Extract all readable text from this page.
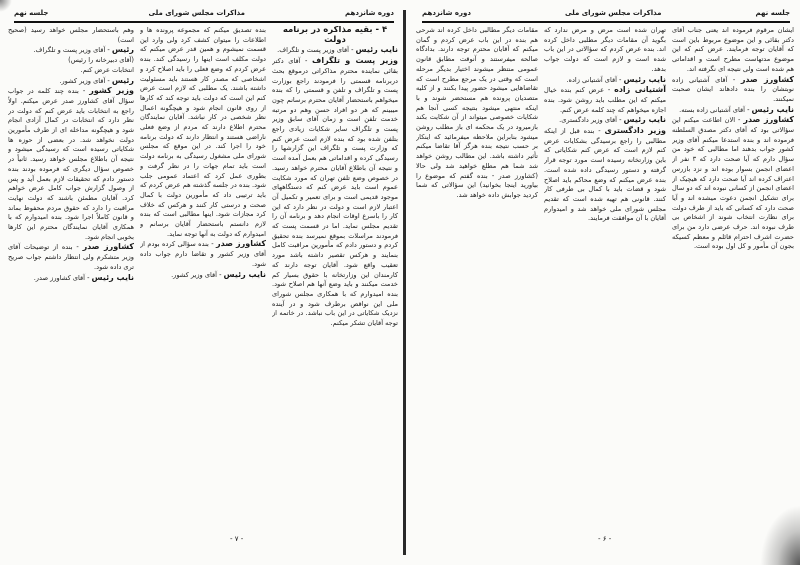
دوره شانزدهم
مذاکرات مجلس شورای ملی
جلسه نهم
۴ - بقیه مذاکره در برنامه دولت

نایب رئیس - آقای وزیر پست و تلگراف.

وزیر پست و تلگراف - آقای دکتر بقائی نماینده محترم مذاکراتی درموقع بحث دربرنامه قسمتی را فرمودند راجع بوزارت پست و تلگراف و تلفن و قسمتی را که بنده میخواهم باستحضار آقایان محترم برسانم چون میبینم که هر دو افراد حسن وهم دو مرتبه خدمت تلفن است و زمان آقای سابق وزیر پست و تلگراف سایر شکایات زیادی راجع بتلفن شده بود که بنده لازم است عرض کنم که وزارت پست و تلگراف این گزارشها را رسیدگی کرده و اقداماتی هم بعمل آمده است و نتیجه آن باطلاع آقایان محترم خواهد رسید. در خصوص وضع تلفن تهران که مورد شکایت عموم است باید عرض کنم که دستگاههای موجود قدیمی است و برای تعمیر و تکمیل آن اعتبار لازم است و دولت در نظر دارد که این کار را باسرع اوقات انجام دهد و برنامه آن را تقدیم مجلس نماید. اما در قسمت پست که فرمودند مراسلات بموقع نمیرسد بنده تحقیق کردم و دستور دادم که مأمورین مراقبت کامل بنمایند و هرکس تقصیر داشته باشد مورد تعقیب واقع شود. آقایان توجه دارند که کارمندان این وزارتخانه با حقوق بسیار کم خدمت میکنند و باید وضع آنها هم اصلاح شود. بنده امیدوارم که با همکاری مجلس شورای ملی این نواقص برطرف شود و در آینده نزدیک شکایاتی در این باب نباشد. در خاتمه از توجه آقایان تشکر میکنم.

بنده تصدیق میکنم که مجموعه پرونده ها و اطلاعات را میتوان کشف کرد ولی وارد این قسمت نمیشوم و همین قدر عرض میکنم که دولت مکلف است اینها را رسیدگی کند. بنده عرض کردم که وضع فعلی را باید اصلاح کرد و اشخاصی که مصدر کار هستند باید مسئولیت داشته باشند. یک مطلبی که لازم است عرض کنم این است که دولت باید توجه کند که کارها از روی قانون انجام شود و هیچگونه اعمال نظر شخصی در کار نباشد. آقایان نمایندگان محترم اطلاع دارند که مردم از وضع فعلی ناراضی هستند و انتظار دارند که دولت برنامه خود را اجرا کند. در این موقع که مجلس شورای ملی مشغول رسیدگی به برنامه دولت است باید تمام جهات را در نظر گرفت و بطوری عمل کرد که اعتماد عمومی جلب شود. بنده در جلسه گذشته هم عرض کردم که باید ترتیبی داد که مأمورین دولت با کمال صحت و درستی کار کنند و هرکس که خلاف کرد مجازات شود. اینها مطالبی است که بنده لازم دانستم باستحضار آقایان برسانم و امیدوارم که دولت به آنها توجه نماید.

کشاورز صدر - بنده سؤالی کرده بودم از آقای وزیر کشور و تقاضا دارم جواب داده شود.

نایب رئیس - آقای وزیر کشور.

وهم باستحضار مجلس خواهد رسید (صحیح است)

رئیس - آقای وزیر پست و تلگراف.

(آقای دبیرخانه را رئیس)

انتخابات عرض کنم.

رئیس - آقای وزیر کشور.

وزیر کشور - بنده چند کلمه در جواب سؤال آقای کشاورز صدر عرض میکنم. اولاً راجع به انتخابات باید عرض کنم که دولت در نظر دارد که انتخابات در کمال آزادی انجام شود و هیچگونه مداخله ای از طرف مأمورین دولت نخواهد شد. در بعضی از حوزه ها شکایاتی رسیده است که رسیدگی میشود و نتیجه آن باطلاع مجلس خواهد رسید. ثانیاً در خصوص سؤال دیگری که فرموده بودند بنده دستور دادم که تحقیقات لازم بعمل آید و پس از وصول گزارش جواب کامل عرض خواهم کرد. آقایان مطمئن باشند که دولت نهایت مراقبت را دارد که حقوق مردم محفوظ بماند و قانون کاملاً اجرا شود. بنده امیدوارم که با همکاری آقایان نمایندگان محترم این کارها بخوبی انجام شود.

کشاورز صدر - بنده از توضیحات آقای وزیر متشکرم ولی انتظار داشتم جواب صریح تری داده شود.

نایب رئیس - آقای کشاورز صدر.

- ۷ -
جلسه نهم
مذاکرات مجلس شورای ملی
دوره شانزدهم

ایشان مرقوم فرموده اند یعنی جناب آقای دکتر بقائی و این موضوع مربوط باین است که آقایان توجه فرمایند. عرض کنم که این موضوع مدتهاست مطرح است و اقداماتی هم شده است ولی نتیجه ای نگرفته اند.

کشاورز صدر - آقای آشتیانی زاده نوبتشان را بنده دادهاند ایشان صحبت نمیکنند.

نایب رئیس - آقای آشتیانی زاده بسته.

کشاورز صدر - الان اطاعت میکنم این سؤالاتی بود که آقای دکتر مصدق السلطنه فرموده اند و بنده استدعا میکنم آقای وزیر کشور جواب بدهند اما مطالبی که خود من سؤال دارم که آیا صحت دارد که ۳ نفر از اعضای انجمن بسوار بوده اند و نزد بازرس اعتراف کرده اند آیا صحت دارد که هیچیک از اعضای انجمن از کسانی نبوده اند که دو سال برای تشکیل انجمن دعوت میشده اند و آیا صحت دارد که کسانی که باید از طرف دولت برای نظارت انتخاب شوند از اشخاص بی طرف نبوده اند. حرف عرضی دارد من برای حضرت اشرف احترام قائلم و معظم کسیکه بجون آن مأمور و کل اول بوده است.

تهران شده است مرض و مرض ندارد که بگوید آن مقامات دیگر مطلبی داخل کرده اند. بنده عرض کردم که سؤالاتی در این باب شده است و لازم است که دولت جواب بدهد.

نایب رئیس - آقای آشتیانی زاده.

آشتیانی زاده - عرض کنم بنده خیال میکنم که این مطلب باید روشن شود. بنده اجازه میخواهم که چند کلمه عرض کنم.

نایب رئیس - آقای وزیر دادگستری.

وزیر دادگستری - بنده قبل از اینکه مطالبی را راجع برسیدگی بشکایات عرض کنم لازم است که عرض کنم شکایاتی که باین وزارتخانه رسیده است مورد توجه قرار گرفته و دستور رسیدگی داده شده است. بنده عرض میکنم که وضع محاکم باید اصلاح شود و قضات باید با کمال بی طرفی کار کنند. قانونی هم تهیه شده است که تقدیم مجلس شورای ملی خواهد شد و امیدوارم آقایان با آن موافقت فرمایند.

مقامات دیگر مطالبی داخل کرده اند شرحی هم بنده در این باب عرض کردم و گمان میکنم که آقایان محترم توجه دارند. بدادگاه صالحه میفرستند و آنوقت مطابق قانون عمومی منتظر میشوند اختیار بدیگر مرحله است که وقتی در یک مرجع مطرح است که تقاضاهایی میشود حضور پیدا بکنند و از کلیه متصدیان پرونده هم مستحضر شوند و با اینکه منتهی میشود بنتیجه کسی آنجا هم شکایات خصوصی میتواند از آن شکایت بکند بازمیرود در یک محکمه ای باز مطلب روشن میشود بنابراین ملاحظه میفرمائید که اینکار بر حسب نتیجه بنده هرگز آقا تقاضا میکنم تأثیر داشته باشد. این مطالب روشن خواهد شد شما هم مطلع خواهید شد ولی حالا (کشاورز صدر - بنده گفتم که موضوع را بیاورید اینجا بخوانید) این سؤالاتی که شما کردید جوابش داده خواهد شد.

- ۶ -
